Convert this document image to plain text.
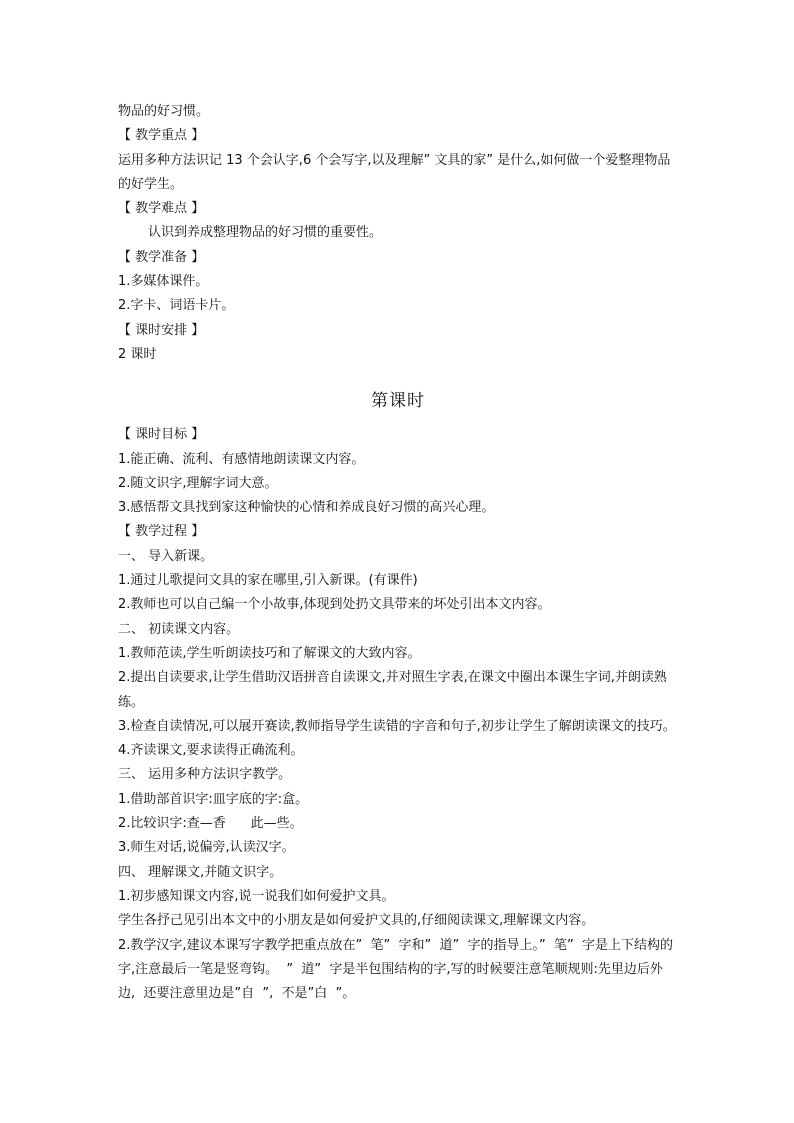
物品的好习惯。
【 教学重点 】
运用多种方法识记 13 个会认字,6 个会写字,以及理解” 文具的家” 是什么,如何做一个爱整理物品的好学生。
【 教学难点 】
认识到养成整理物品的好习惯的重要性。
【 教学准备 】
1.多媒体课件。
2.字卡、词语卡片。
【 课时安排 】
2 课时
第课时
【 课时目标 】
1.能正确、流利、有感情地朗读课文内容。
2.随文识字,理解字词大意。
3.感悟帮文具找到家这种愉快的心情和养成良好习惯的高兴心理。
【 教学过程 】
一、 导入新课。
1.通过儿歌提问文具的家在哪里,引入新课。(有课件)
2.教师也可以自己编一个小故事,体现到处扔文具带来的坏处引出本文内容。
二、 初读课文内容。
1.教师范读,学生听朗读技巧和了解课文的大致内容。
2.提出自读要求,让学生借助汉语拼音自读课文,并对照生字表,在课文中圈出本课生字词,并朗读熟练。
3.检查自读情况,可以展开赛读,教师指导学生读错的字音和句子,初步让学生了解朗读课文的技巧。
4.齐读课文,要求读得正确流利。
三、 运用多种方法识字教学。
1.借助部首识字:皿字底的字:盒。
2.比较识字:查—香      此—些。
3.师生对话,说偏旁,认读汉字。
四、 理解课文,并随文识字。
1.初步感知课文内容,说一说我们如何爱护文具。
学生各抒己见引出本文中的小朋友是如何爱护文具的,仔细阅读课文,理解课文内容。
2.教学汉字,建议本课写字教学把重点放在”  笔”  字和”  道”  字的指导上。”  笔”  字是上下结构的字,注意最后一笔是竖弯钩。  ”  道”  字是半包围结构的字,写的时候要注意笔顺规则:先里边后外边,  还要注意里边是”自  ”,  不是”白  ”。
